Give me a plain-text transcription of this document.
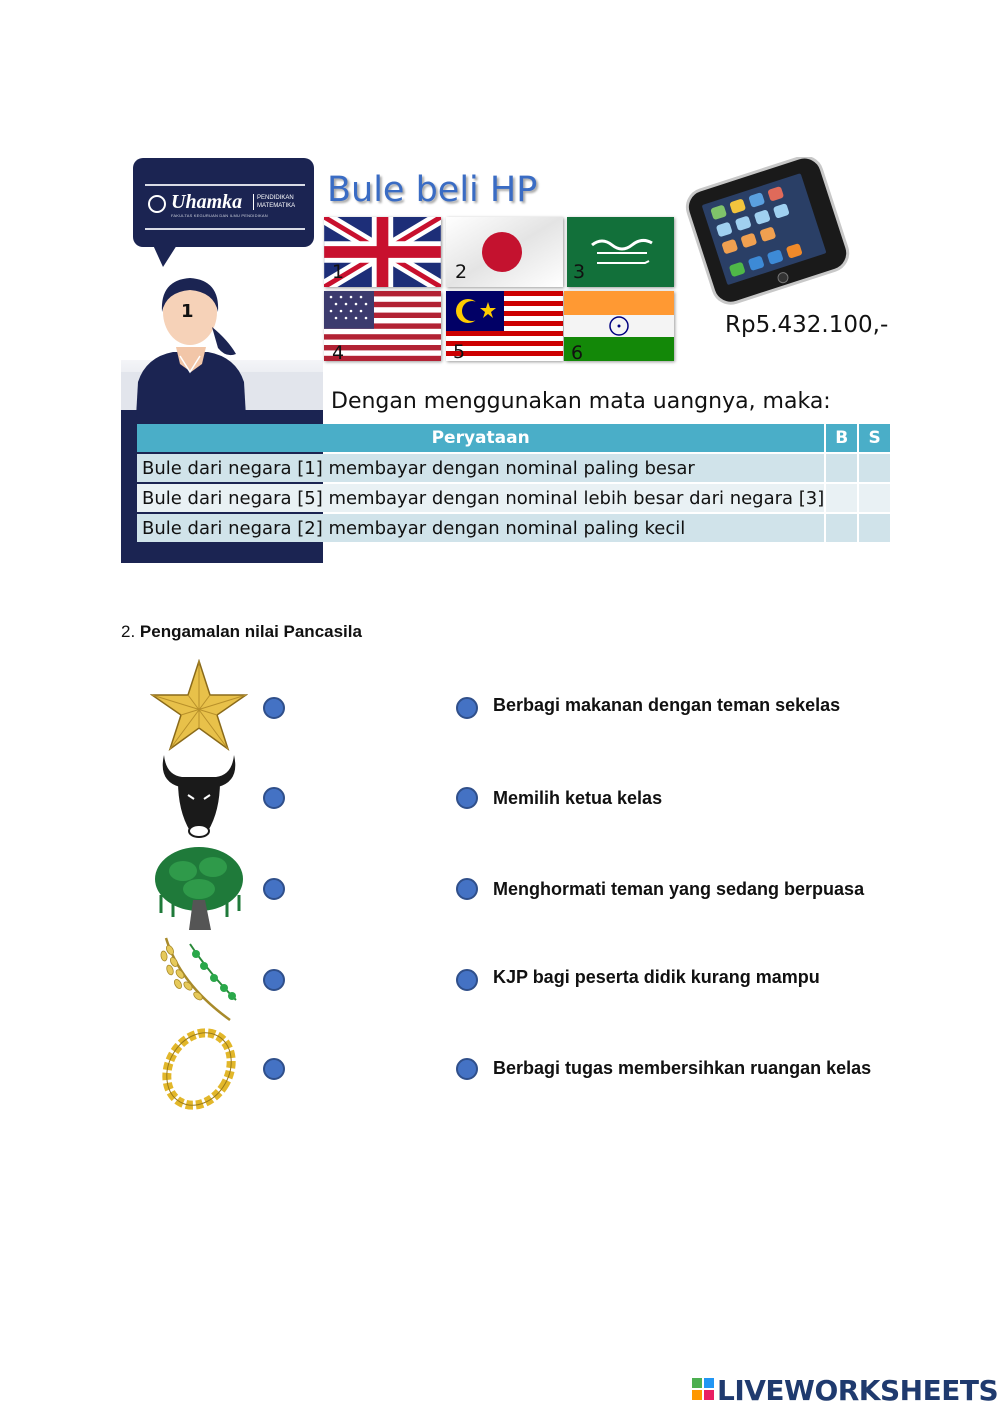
Uhamka
FAKULTAS KEGURUAN DAN ILMU PENDIDIKAN
PENDIDIKAN
MATEMATIKA
1
Bule beli HP
1	2	3
4	5	6
Rp5.432.100,-
Dengan menggunakan mata uangnya, maka:
Peryataan	B	S
Bule dari negara [1] membayar dengan nominal paling besar		
Bule dari negara [5] membayar dengan nominal lebih besar dari negara [3]		
Bule dari negara [2] membayar dengan nominal paling kecil		
2. Pengamalan nilai Pancasila
Berbagi makanan dengan teman sekelas
Memilih ketua kelas
Menghormati teman yang sedang berpuasa
KJP bagi peserta didik kurang mampu
Berbagi tugas membersihkan ruangan kelas
LIVEWORKSHEETS
